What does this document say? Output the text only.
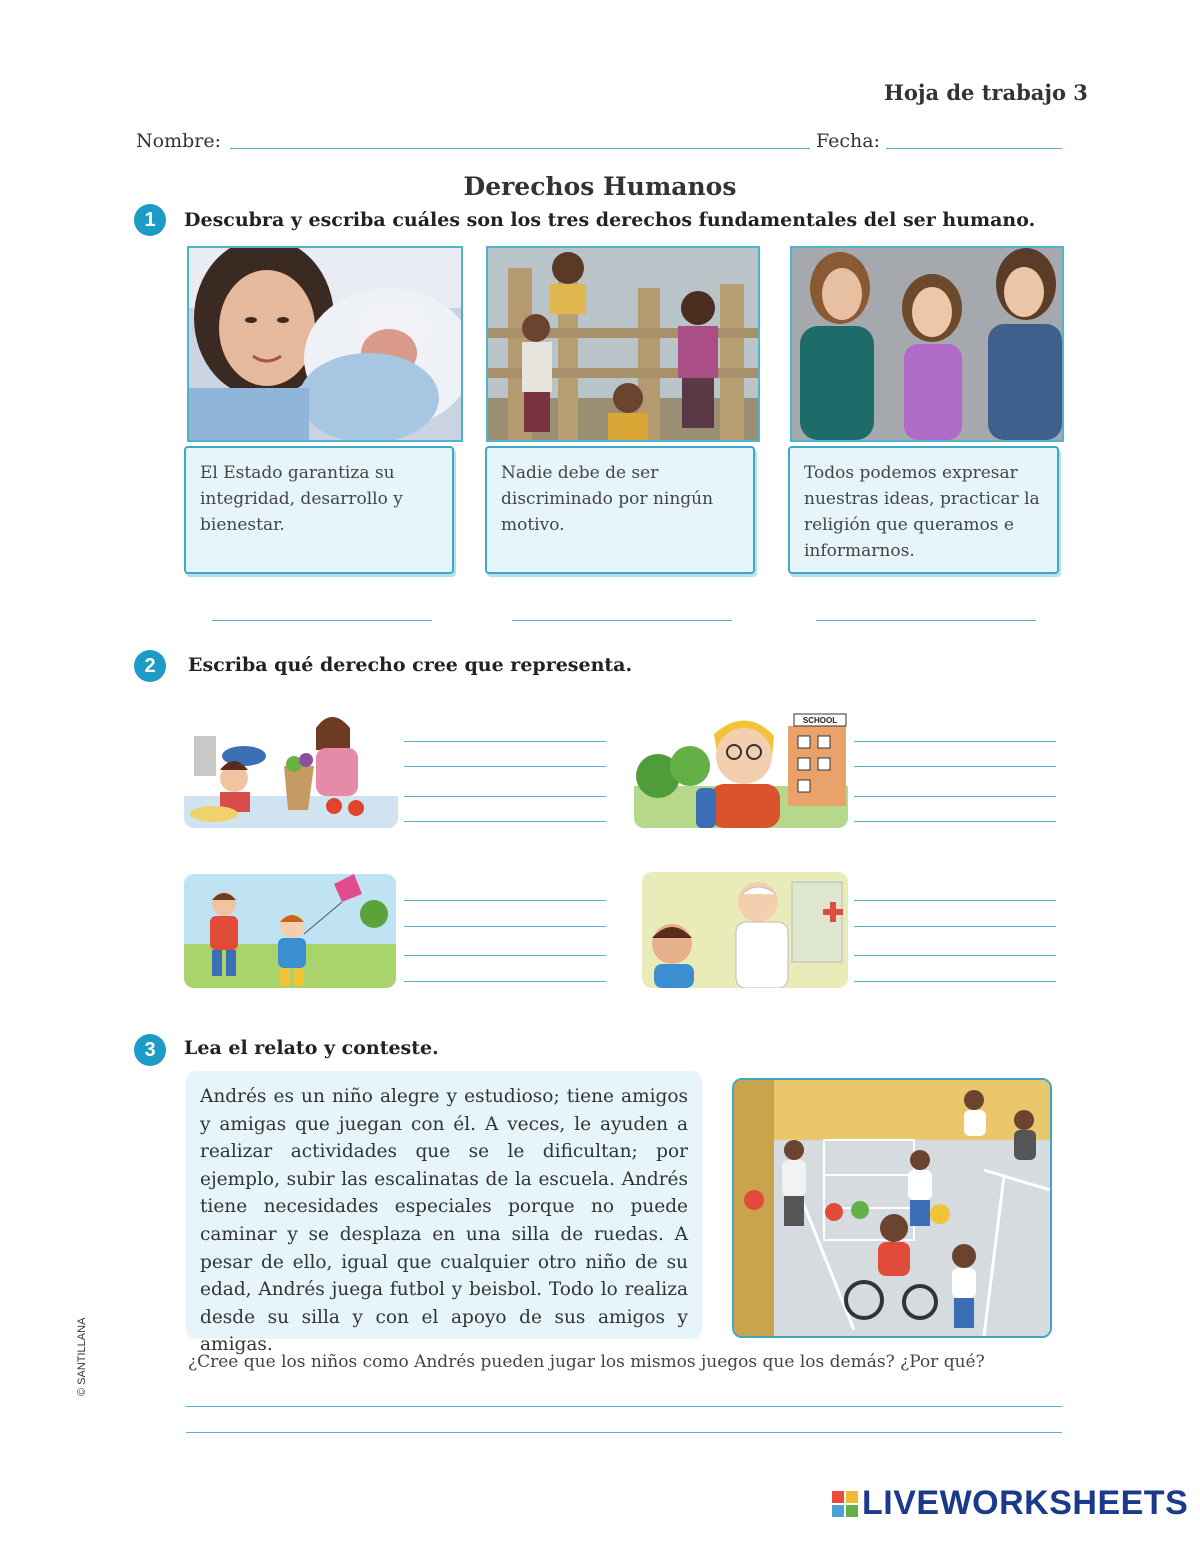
Hoja de trabajo 3
Nombre:	Fecha:
Derechos Humanos
1	Descubra y escriba cuáles son los tres derechos fundamentales del ser humano.
El Estado garantiza su integridad, desarrollo y bienestar.
Nadie debe de ser discriminado por ningún motivo.
Todos podemos expresar nuestras ideas, practicar la religión que queramos e informarnos.
2	Escriba qué derecho cree que representa.
SCHOOL
3	Lea el relato y conteste.
Andrés es un niño alegre y estudioso; tiene amigos y amigas que juegan con él. A veces, le ayuden a realizar actividades que se le dificultan; por ejemplo, subir las escalinatas de la escuela. Andrés tiene necesidades especiales porque no puede caminar y se desplaza en una silla de ruedas. A pesar de ello, igual que cualquier otro niño de su edad, Andrés juega futbol y beisbol. Todo lo realiza desde su silla y con el apoyo de sus amigos y amigas.
¿Cree que los niños como Andrés pueden jugar los mismos juegos que los demás? ¿Por qué?
© SANTILLANA
LIVEWORKSHEETS
